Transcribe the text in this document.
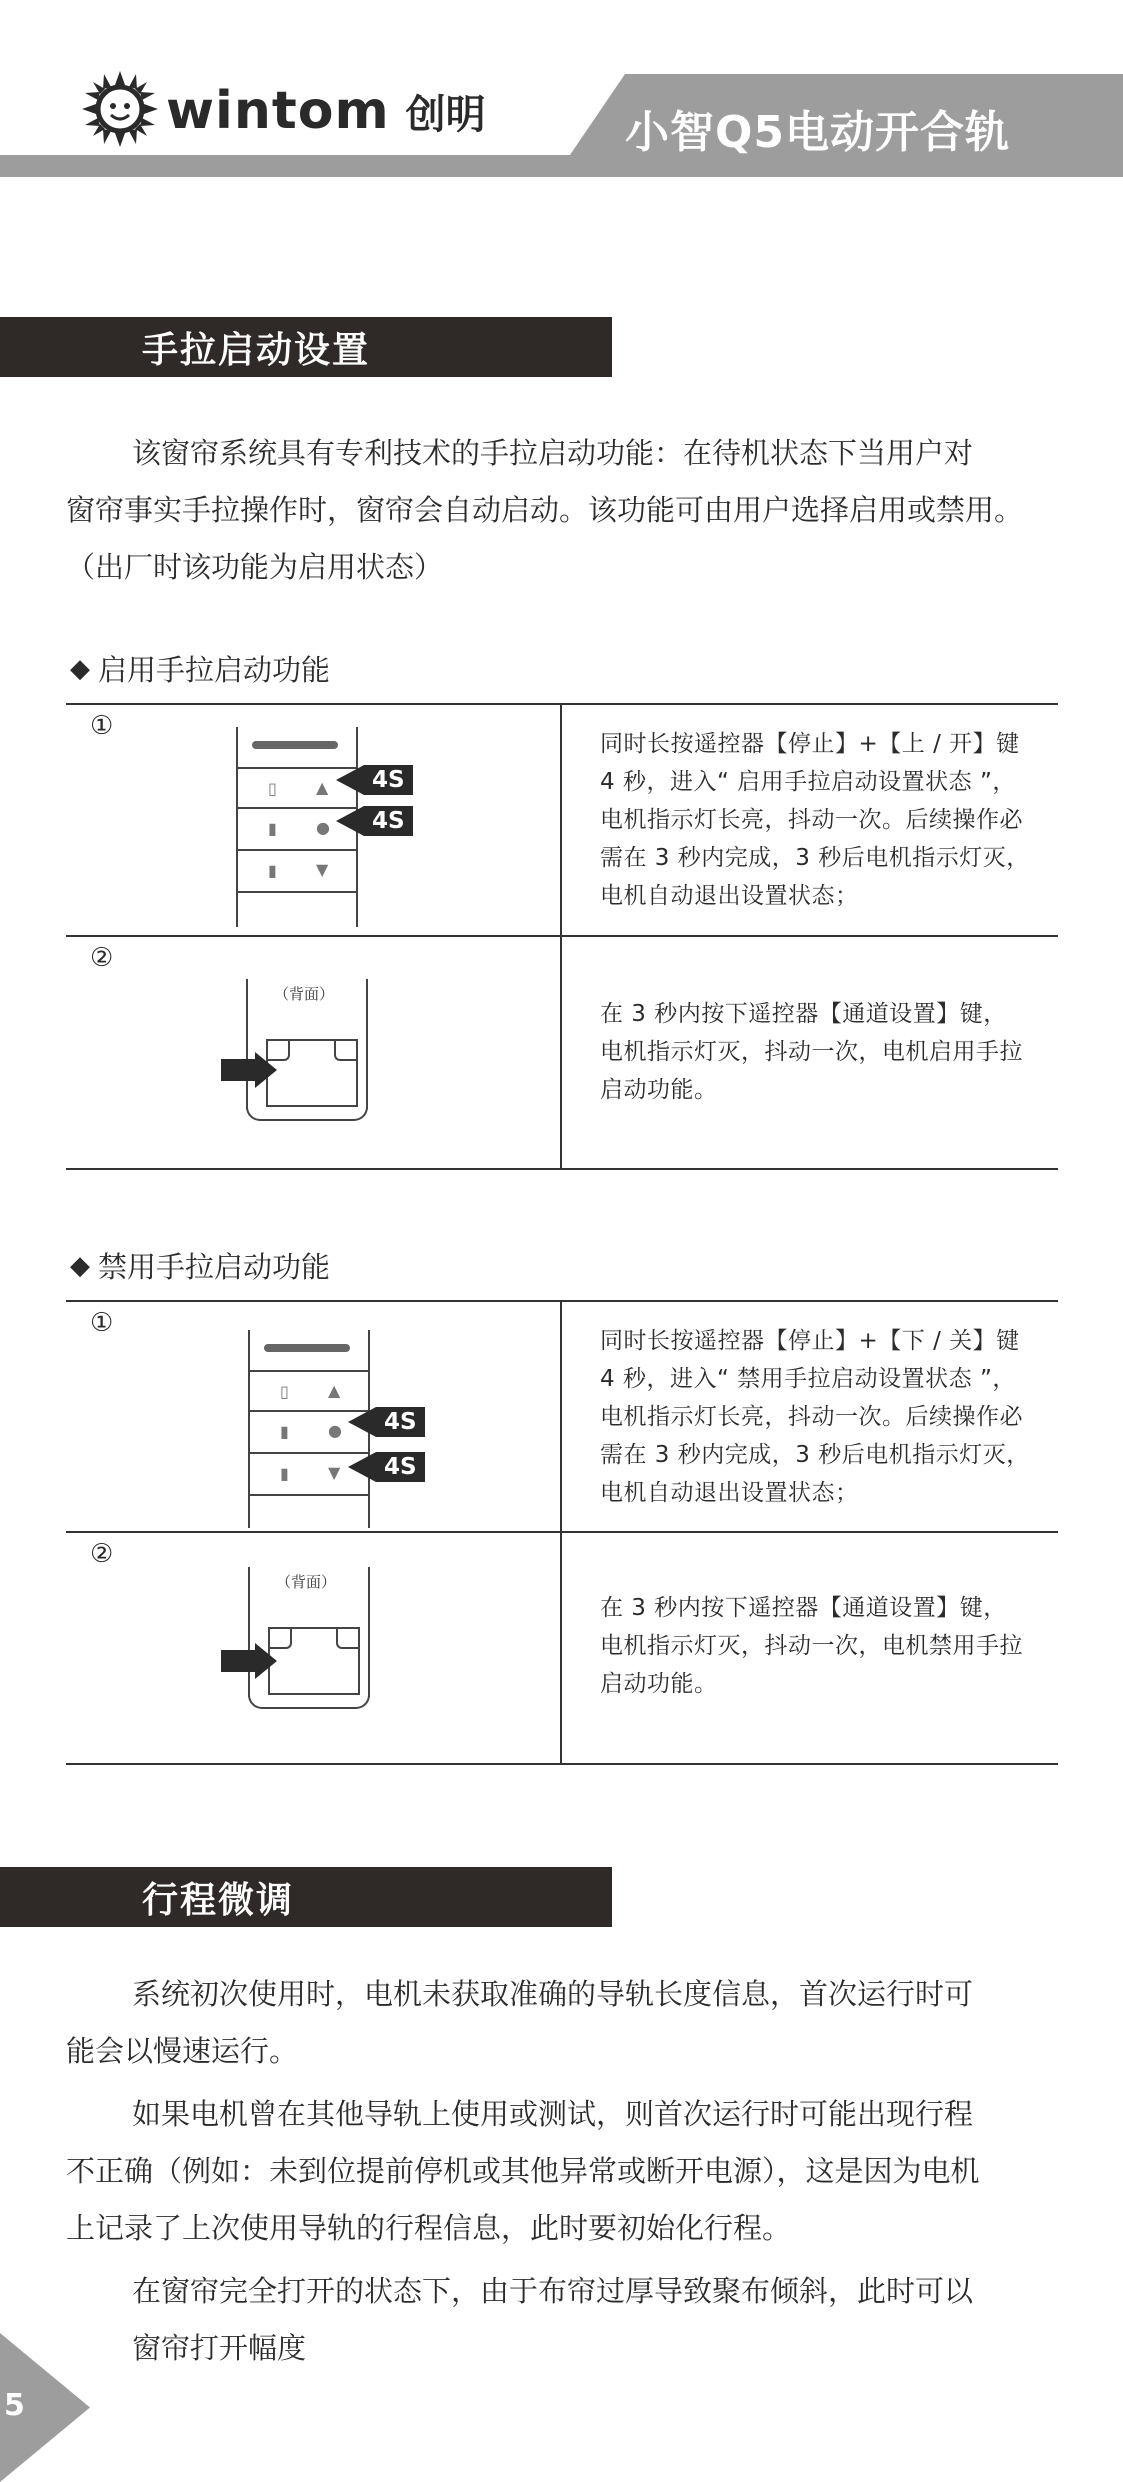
wintom 创明	小智Q5电动开合轨
手拉启动设置
该窗帘系统具有专利技术的手拉启动功能：在待机状态下当用户对
窗帘事实手拉操作时，窗帘会自动启动。该功能可由用户选择启用或禁用。
（出厂时该功能为启用状态）
◆ 启用手拉启动功能
①
▯ ▲
▮ ●
▮ ▼
4S
4S
同时长按遥控器【停止】+【上 / 开】键 4 秒，进入“ 启用手拉启动设置状态 ”，电机指示灯长亮，抖动一次。后续操作必需在 3 秒内完成，3 秒后电机指示灯灭，电机自动退出设置状态；
②
（背面）
在 3 秒内按下遥控器【通道设置】键，电机指示灯灭，抖动一次，电机启用手拉启动功能。
◆ 禁用手拉启动功能
①
▯ ▲
▮ ●
▮ ▼
4S
4S
同时长按遥控器【停止】+【下 / 关】键 4 秒，进入“ 禁用手拉启动设置状态 ”，电机指示灯长亮，抖动一次。后续操作必需在 3 秒内完成，3 秒后电机指示灯灭，电机自动退出设置状态；
②
（背面）
在 3 秒内按下遥控器【通道设置】键，电机指示灯灭，抖动一次，电机禁用手拉启动功能。
行程微调
系统初次使用时，电机未获取准确的导轨长度信息，首次运行时可
能会以慢速运行。
如果电机曾在其他导轨上使用或测试，则首次运行时可能出现行程
不正确（例如：未到位提前停机或其他异常或断开电源），这是因为电机
上记录了上次使用导轨的行程信息，此时要初始化行程。
在窗帘完全打开的状态下，由于布帘过厚导致聚布倾斜，此时可以
窗帘打开幅度
5
